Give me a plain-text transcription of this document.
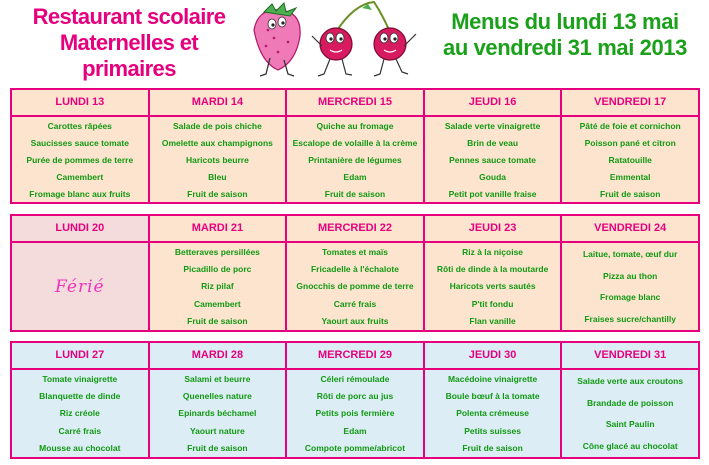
Restaurant scolaire
Maternelles et primaires
Menus du lundi 13 mai
au vendredi 31 mai 2013
LUNDI 13	MARDI 14	MERCREDI 15	JEUDI 16	VENDREDI 17

Carottes râpées
Saucisses sauce tomate
Purée de pommes de terre
Camembert
Fromage blanc aux fruits	Salade de pois chiche
Omelette aux champignons
Haricots beurre
Bleu
Fruit de saison	Quiche au fromage
Escalope de volaille à la crème
Printanière de légumes
Edam
Fruit de saison	Salade verte vinaigrette
Brin de veau
Pennes sauce tomate
Gouda
Petit pot vanille fraise	Pâté de foie et cornichon
Poisson pané et citron
Ratatouille
Emmental
Fruit de saison
LUNDI 20	MARDI 21	MERCREDI 22	JEUDI 23	VENDREDI 24

Férié	Betteraves persillées
Picadillo de porc
Riz pilaf
Camembert
Fruit de saison	Tomates et maïs
Fricadelle à l'échalote
Gnocchis de pomme de terre
Carré frais
Yaourt aux fruits	Riz à la niçoise
Rôti de dinde à la moutarde
Haricots verts sautés
P'tit fondu
Flan vanille	Laitue, tomate, œuf dur
Pizza au thon
Fromage blanc
Fraises sucre/chantilly
LUNDI 27	MARDI 28	MERCREDI 29	JEUDI 30	VENDREDI 31

Tomate vinaigrette
Blanquette de dinde
Riz créole
Carré frais
Mousse au chocolat	Salami et beurre
Quenelles nature
Epinards béchamel
Yaourt nature
Fruit de saison	Céleri rémoulade
Rôti de porc au jus
Petits pois fermière
Edam
Compote pomme/abricot	Macédoine vinaigrette
Boule bœuf à la tomate
Polenta crémeuse
Petits suisses
Fruit de saison	Salade verte aux croutons
Brandade de poisson
Saint Paulin
Cône glacé au chocolat
